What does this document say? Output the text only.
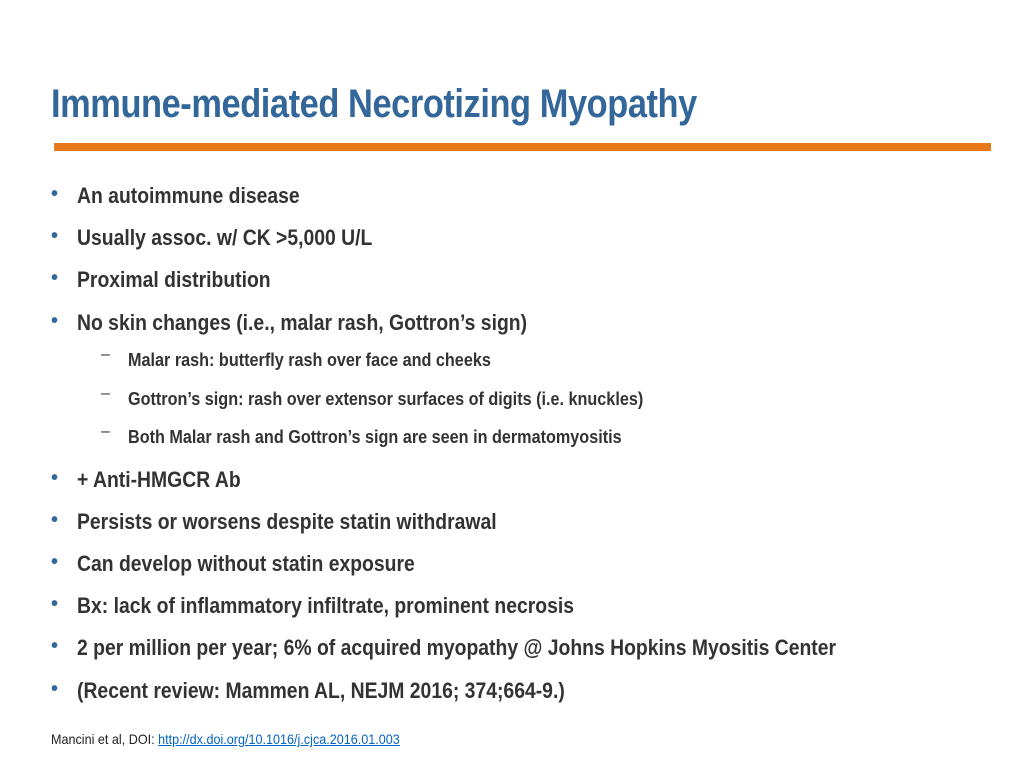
Immune-mediated Necrotizing Myopathy
• An autoimmune disease
• Usually assoc. w/ CK >5,000 U/L
• Proximal distribution
• No skin changes (i.e., malar rash, Gottron’s sign)
– Malar rash: butterfly rash over face and cheeks
– Gottron’s sign: rash over extensor surfaces of digits (i.e. knuckles)
– Both Malar rash and Gottron’s sign are seen in dermatomyositis
• + Anti-HMGCR Ab
• Persists or worsens despite statin withdrawal
• Can develop without statin exposure
• Bx: lack of inflammatory infiltrate, prominent necrosis
• 2 per million per year; 6% of acquired myopathy @ Johns Hopkins Myositis Center
• (Recent review: Mammen AL, NEJM 2016; 374;664-9.)
Mancini et al, DOI: http://dx.doi.org/10.1016/j.cjca.2016.01.003
